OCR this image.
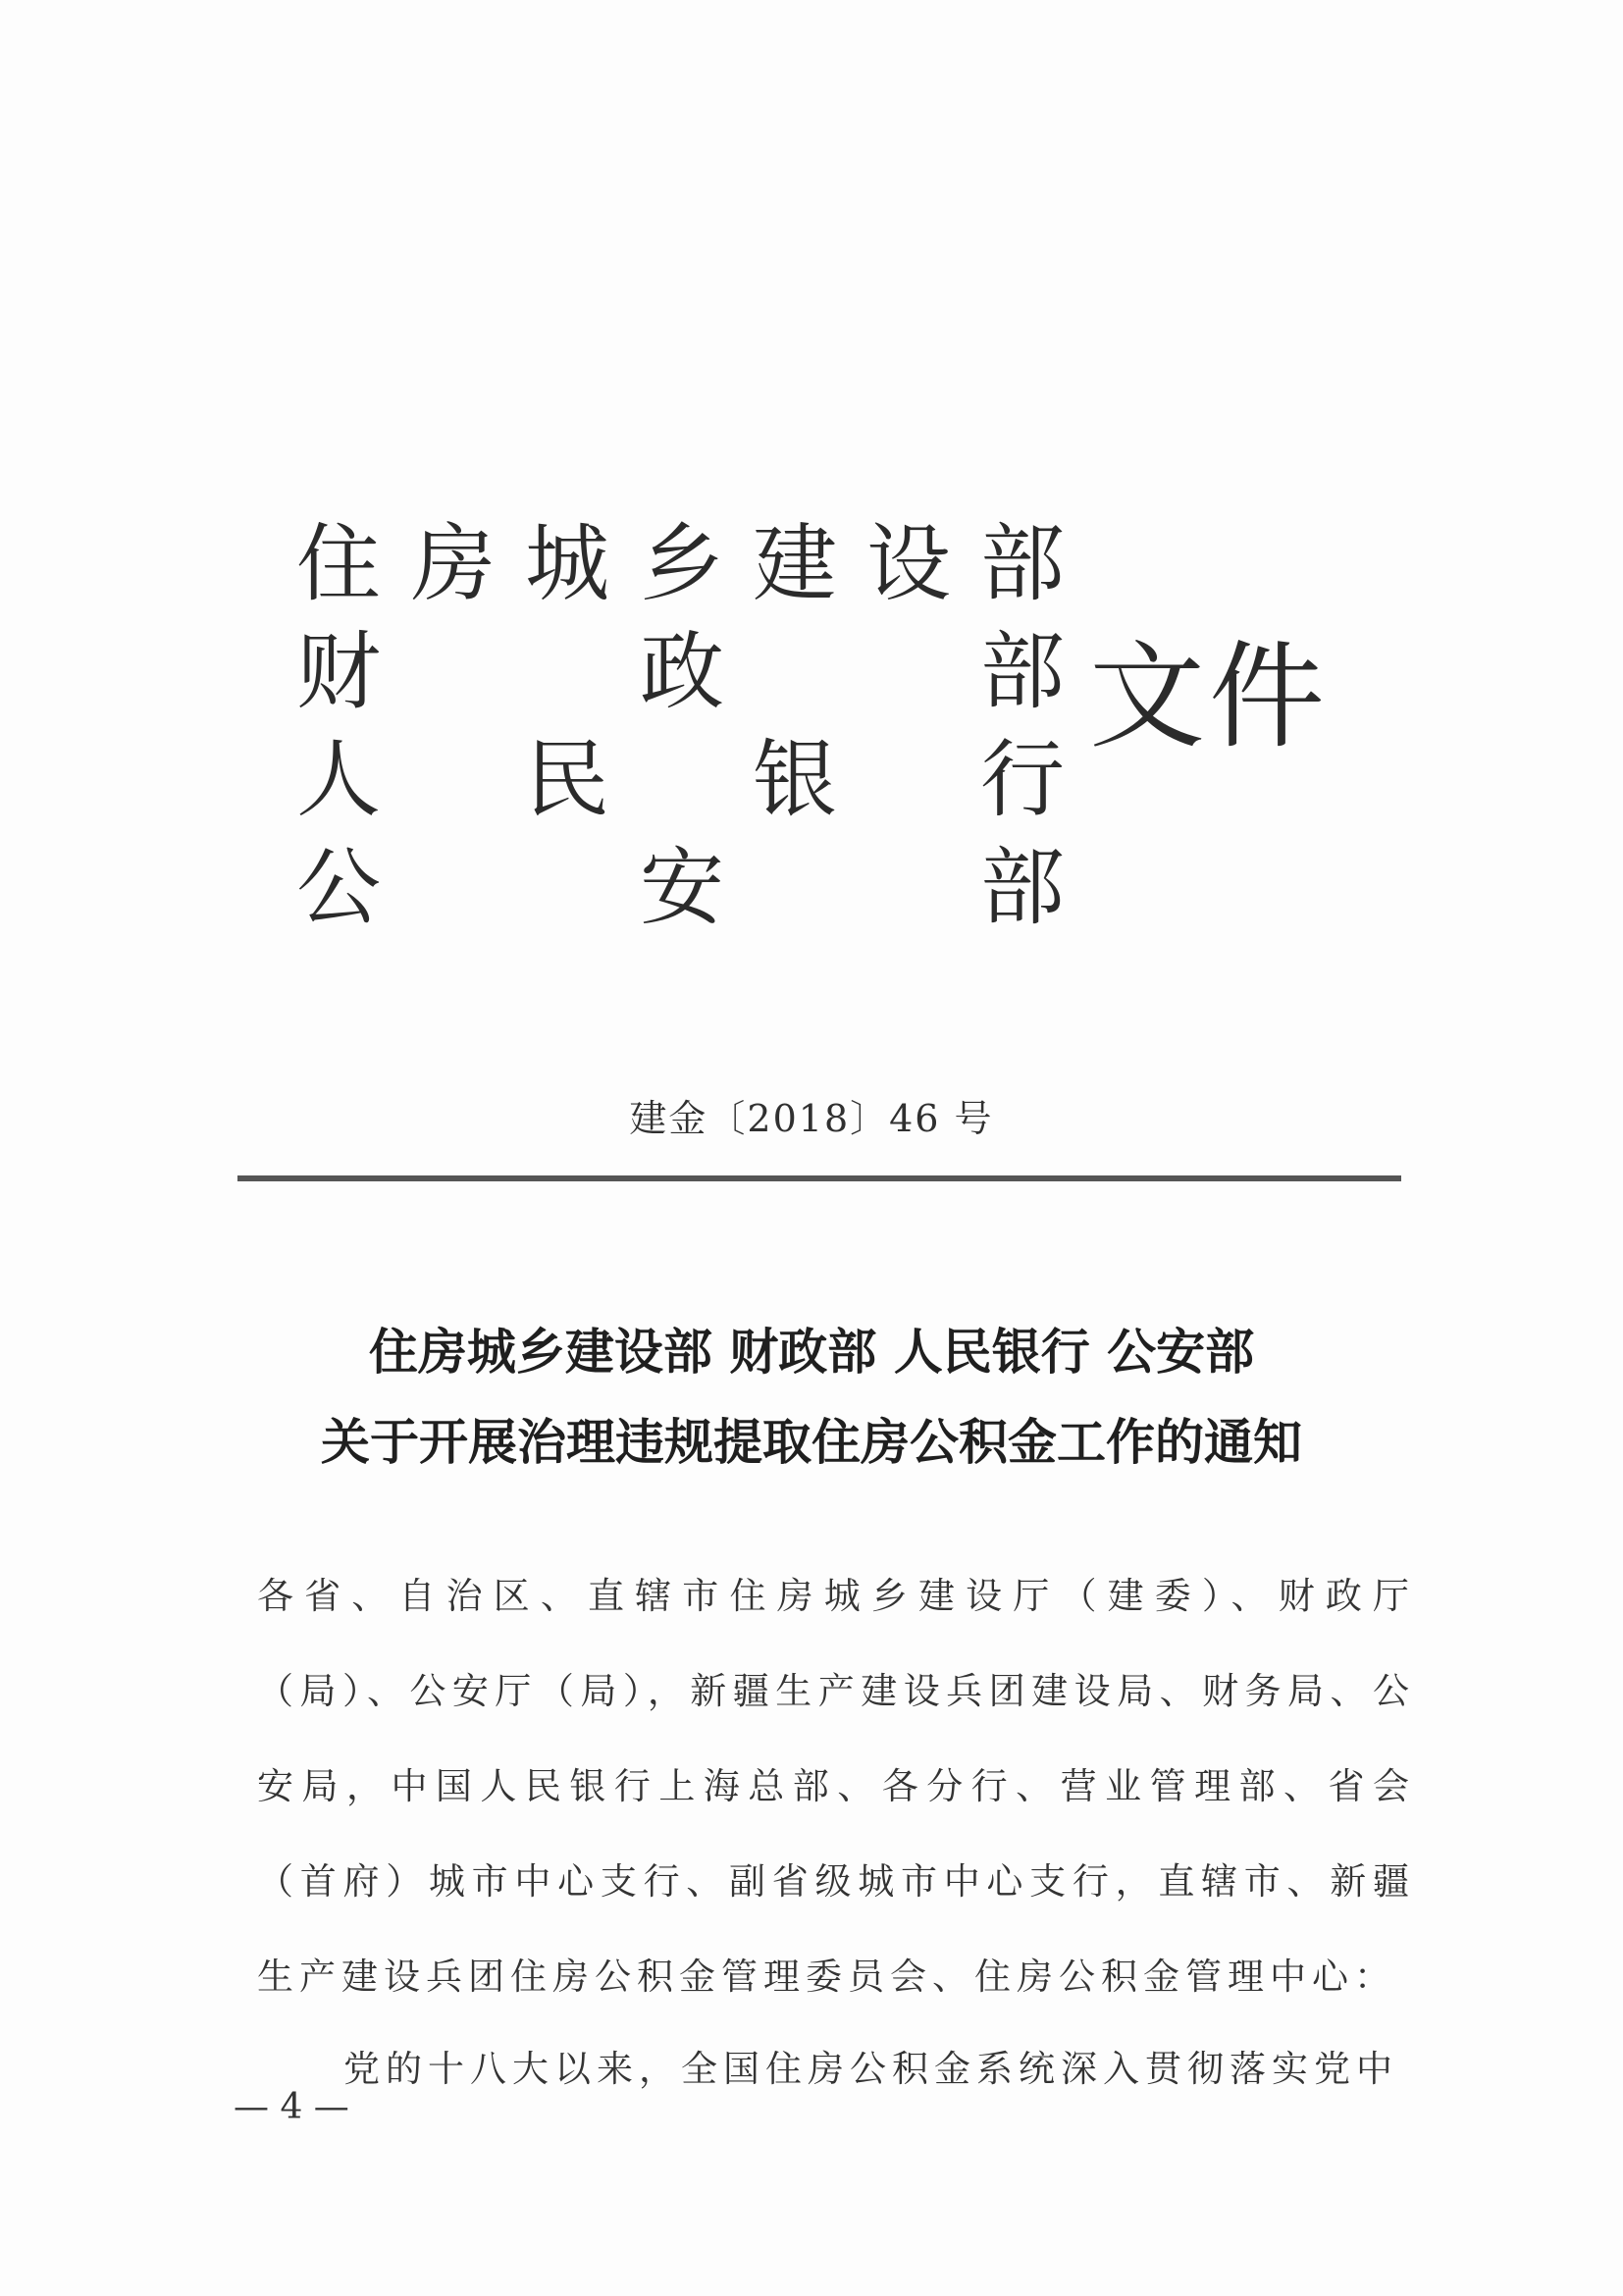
住 房 城 乡 建 设 部
财	政	部
人 民 银 行
公	安	部
文件
建金〔2018〕46 号
住房城乡建设部 财政部 人民银行 公安部
关于开展治理违规提取住房公积金工作的通知
各省、自治区、直辖市住房城乡建设厅（建委）、财政厅（局）、公安厅（局），新疆生产建设兵团建设局、财务局、公安局，中国人民银行上海总部、各分行、营业管理部、省会（首府）城市中心支行、副省级城市中心支行，直辖市、新疆生产建设兵团住房公积金管理委员会、住房公积金管理中心：
党的十八大以来，全国住房公积金系统深入贯彻落实党中
— 4 —
